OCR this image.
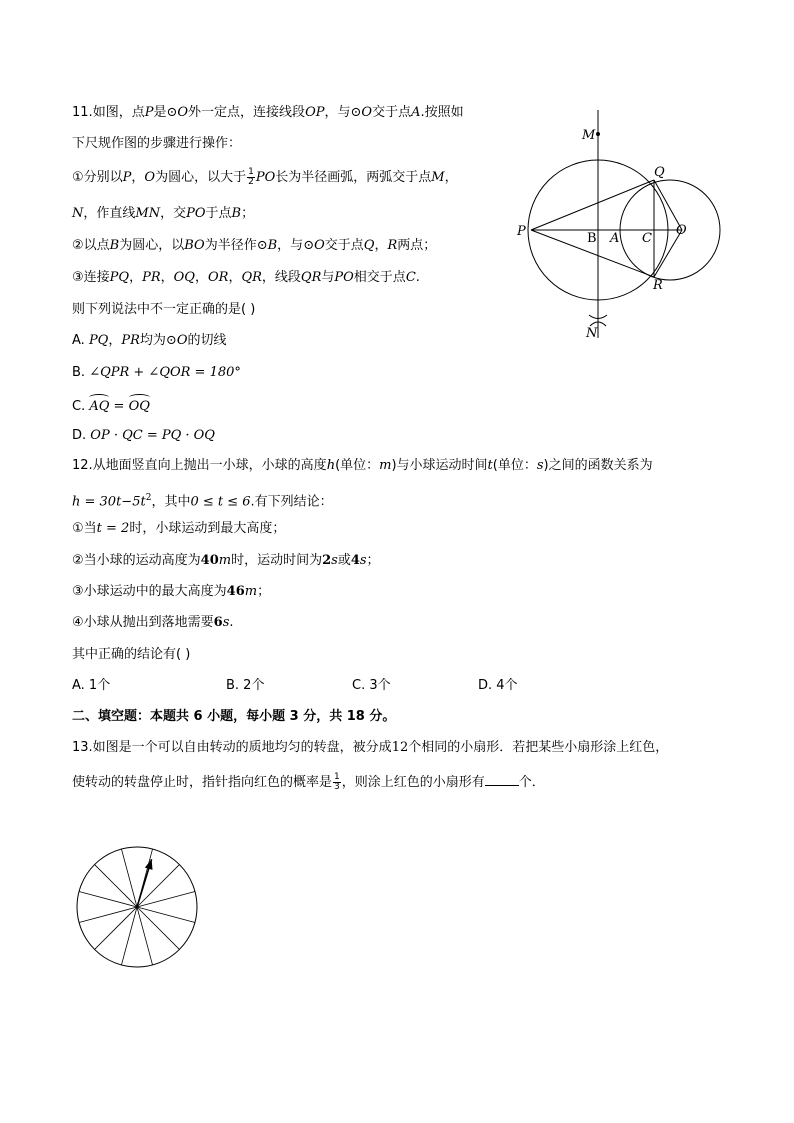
11.如图，点P是⊙O外一定点，连接线段OP，与⊙O交于点A.按照如
下尺规作图的步骤进行操作：
①分别以P，O为圆心，以大于 $\frac{1}{2}$ PO长为半径画弧，两弧交于点M，
N，作直线MN，交PO于点B；
②以点B为圆心，以BO为半径作⊙B，与⊙O交于点Q，R两点；
③连接PQ，PR，OQ，OR，QR，线段QR与PO相交于点C.
则下列说法中不一定正确的是( )
A. PQ，PR均为⊙O的切线
B. ∠QPR + ∠QOR = 180°
C. AQ = OQ
D. OP · QC = PQ · OQ
M
N
P
Q
R
O
B A C
12.从地面竖直向上抛出一小球，小球的高度h(单位：m)与小球运动时间t(单位：s)之间的函数关系为
$h = 30t-5t^2$，其中0 ≤ t ≤ 6.有下列结论：
①当t = 2时，小球运动到最大高度；
②当小球的运动高度为40m时，运动时间为2s或4s；
③小球运动中的最大高度为46m；
④小球从抛出到落地需要6s.
其中正确的结论有( )
A. 1个	B. 2个	C. 3个	D. 4个
二、填空题：本题共 6 小题，每小题 3 分，共 18 分。
13.如图是一个可以自由转动的质地均匀的转盘，被分成12个相同的小扇形．若把某些小扇形涂上红色，
使转动的转盘停止时，指针指向红色的概率是 $\frac{1}{3}$ ，则涂上红色的小扇形有	个．
